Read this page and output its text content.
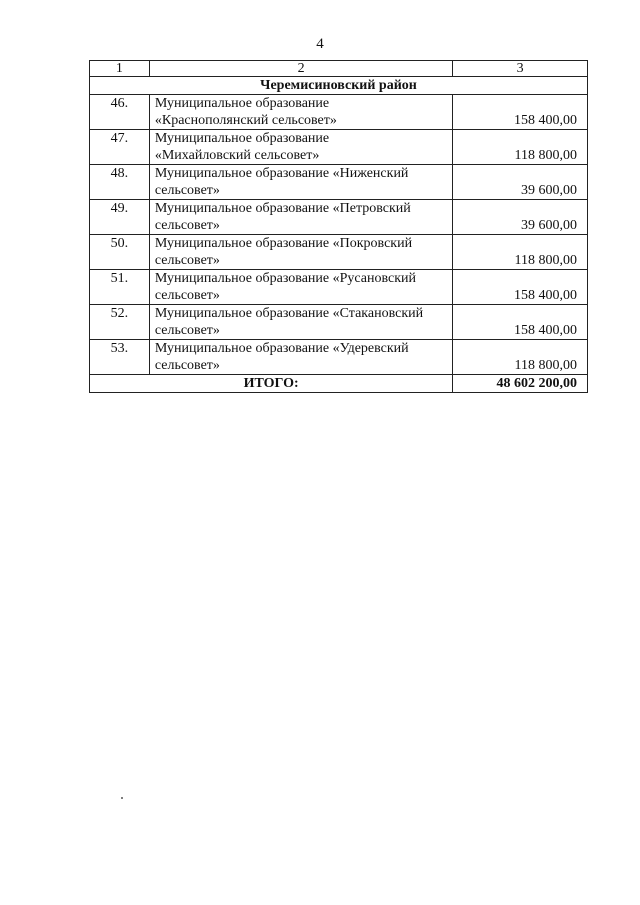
4
1	2	3
Черемисиновский район		
46.	Муниципальное образование
«Краснополянский сельсовет»	158 400,00
47.	Муниципальное образование
«Михайловский сельсовет»	118 800,00
48.	Муниципальное образование «Ниженский
сельсовет»	39 600,00
49.	Муниципальное образование «Петровский
сельсовет»	39 600,00
50.	Муниципальное образование «Покровский
сельсовет»	118 800,00
51.	Муниципальное образование «Русановский
сельсовет»	158 400,00
52.	Муниципальное образование «Стакановский
сельсовет»	158 400,00
53.	Муниципальное образование «Удеревский
сельсовет»	118 800,00
ИТОГО:		48 602 200,00
